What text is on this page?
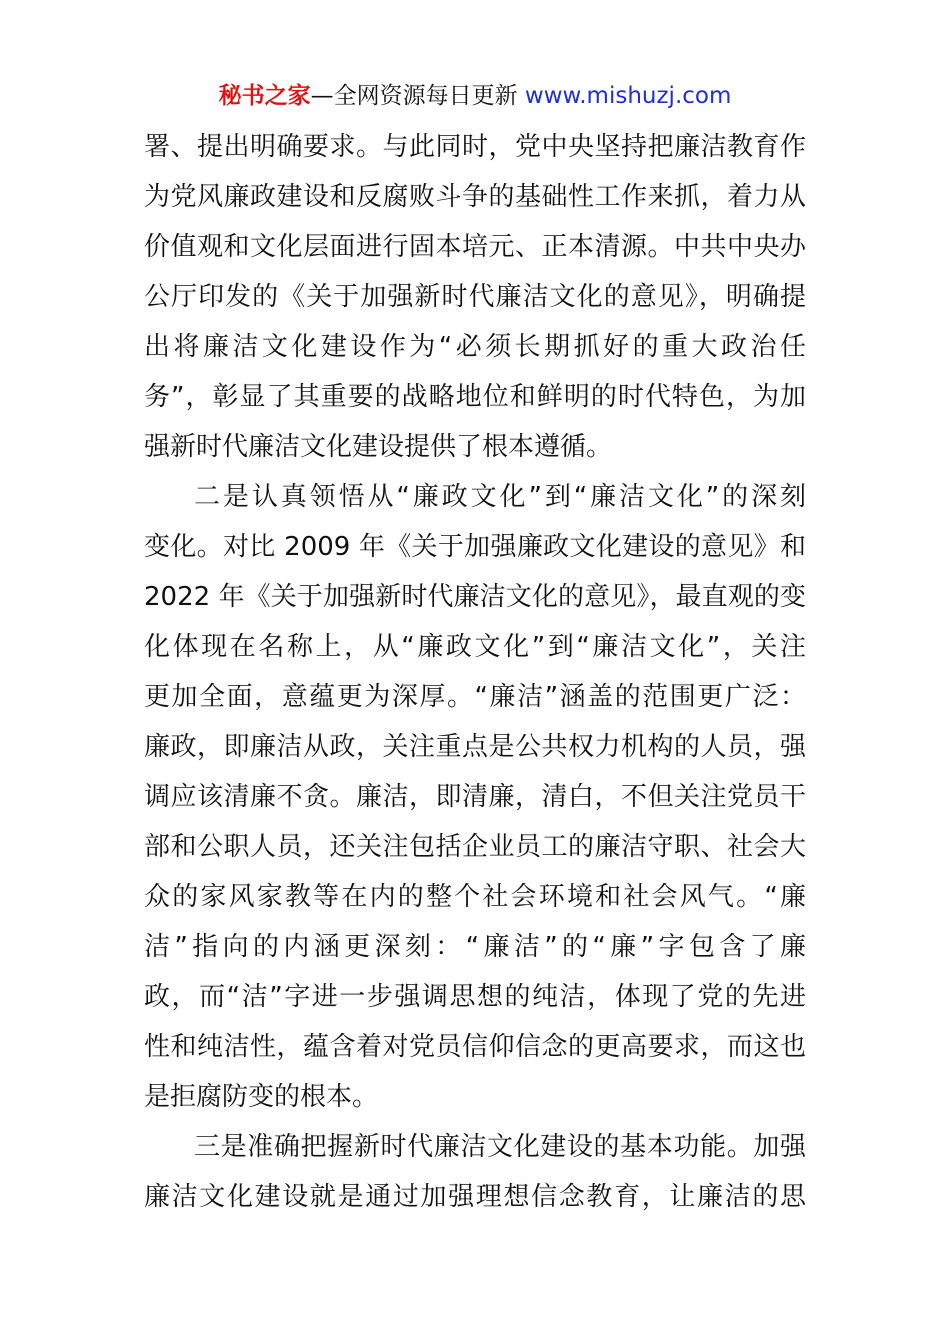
秘书之家—全网资源每日更新 www.mishuzj.com
署、提出明确要求。与此同时，党中央坚持把廉洁教育作
为党风廉政建设和反腐败斗争的基础性工作来抓，着力从
价值观和文化层面进行固本培元、正本清源。中共中央办
公厅印发的《关于加强新时代廉洁文化的意见》，明确提
出将廉洁文化建设作为“必须长期抓好的重大政治任
务”，彰显了其重要的战略地位和鲜明的时代特色，为加
强新时代廉洁文化建设提供了根本遵循。
二是认真领悟从“廉政文化”到“廉洁文化”的深刻
变化。对比 2009 年《关于加强廉政文化建设的意见》和
2022 年《关于加强新时代廉洁文化的意见》，最直观的变
化体现在名称上，从“廉政文化”到“廉洁文化”，关注
更加全面，意蕴更为深厚。“廉洁”涵盖的范围更广泛：
廉政，即廉洁从政，关注重点是公共权力机构的人员，强
调应该清廉不贪。廉洁，即清廉，清白，不但关注党员干
部和公职人员，还关注包括企业员工的廉洁守职、社会大
众的家风家教等在内的整个社会环境和社会风气。“廉
洁”指向的内涵更深刻：“廉洁”的“廉”字包含了廉
政，而“洁”字进一步强调思想的纯洁，体现了党的先进
性和纯洁性，蕴含着对党员信仰信念的更高要求，而这也
是拒腐防变的根本。
三是准确把握新时代廉洁文化建设的基本功能。加强
廉洁文化建设就是通过加强理想信念教育，让廉洁的思
